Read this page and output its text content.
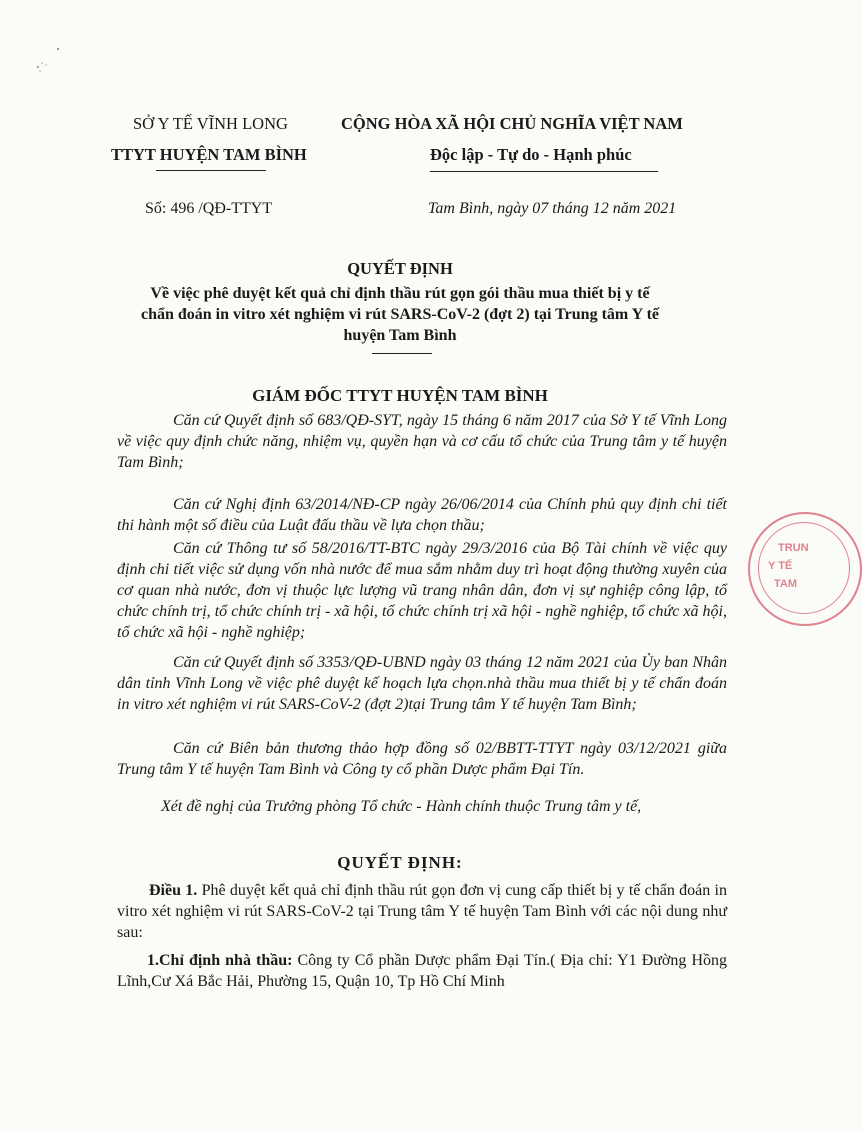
SỞ Y TẾ VĨNH LONG
TTYT HUYỆN TAM BÌNH
CỘNG HÒA XÃ HỘI CHỦ NGHĨA VIỆT NAM
Độc lập - Tự do - Hạnh phúc
Số: 496 /QĐ-TTYT	Tam Bình, ngày 07 tháng 12 năm 2021
QUYẾT ĐỊNH
Về việc phê duyệt kết quả chỉ định thầu rút gọn gói thầu mua thiết bị y tế
chẩn đoán in vitro xét nghiệm vi rút SARS-CoV-2 (đợt 2) tại Trung tâm Y tế
huyện Tam Bình
GIÁM ĐỐC TTYT HUYỆN TAM BÌNH
Căn cứ Quyết định số 683/QĐ-SYT, ngày 15 tháng 6 năm 2017 của Sở Y tế Vĩnh Long về việc quy định chức năng, nhiệm vụ, quyền hạn và cơ cấu tổ chức của Trung tâm y tế huyện Tam Bình;
Căn cứ Nghị định 63/2014/NĐ-CP ngày 26/06/2014 của Chính phủ quy định chi tiết thi hành một số điều của Luật đấu thầu về lựa chọn thầu;
Căn cứ Thông tư số 58/2016/TT-BTC ngày 29/3/2016 của Bộ Tài chính về việc quy định chi tiết việc sử dụng vốn nhà nước để mua sắm nhằm duy trì hoạt động thường xuyên của cơ quan nhà nước, đơn vị thuộc lực lượng vũ trang nhân dân, đơn vị sự nghiệp công lập, tổ chức chính trị, tổ chức chính trị - xã hội, tổ chức chính trị xã hội - nghề nghiệp, tổ chức xã hội, tổ chức xã hội - nghề nghiệp;
Căn cứ Quyết định số 3353/QĐ-UBND ngày 03 tháng 12 năm 2021 của Ủy ban Nhân dân tỉnh Vĩnh Long về việc phê duyệt kế hoạch lựa chọn.nhà thầu mua thiết bị y tế chẩn đoán in vitro xét nghiệm vi rút SARS-CoV-2 (đợt 2)tại Trung tâm Y tế huyện Tam Bình;
Căn cứ Biên bản thương thảo hợp đồng số 02/BBTT-TTYT ngày 03/12/2021 giữa Trung tâm Y tế huyện Tam Bình và Công ty cổ phần Dược phẩm Đại Tín.
Xét đề nghị của Trưởng phòng Tổ chức - Hành chính thuộc Trung tâm y tế,
QUYẾT ĐỊNH:
Điều 1. Phê duyệt kết quả chỉ định thầu rút gọn đơn vị cung cấp thiết bị y tế chẩn đoán in vitro xét nghiệm vi rút SARS-CoV-2 tại Trung tâm Y tế huyện Tam Bình với các nội dung như sau:
1.Chỉ định nhà thầu: Công ty Cổ phần Dược phẩm Đại Tín.( Địa chỉ: Y1 Đường Hồng Lĩnh,Cư Xá Bắc Hải, Phường 15, Quận 10, Tp Hồ Chí Minh
TRUN
Y TẾ
TAM
